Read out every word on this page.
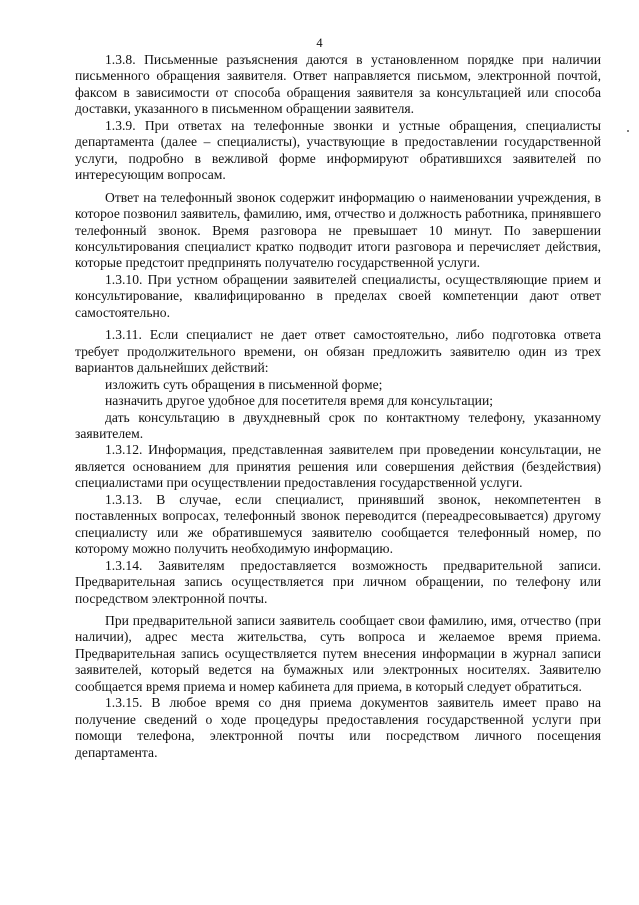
4

1.3.8. Письменные разъяснения даются в установленном порядке при наличии письменного обращения заявителя. Ответ направляется письмом, электронной почтой, факсом в зависимости от способа обращения заявителя за консультацией или способа доставки, указанного в письменном обращении заявителя.

1.3.9. При ответах на телефонные звонки и устные обращения, специалисты департамента (далее – специалисты), участвующие в предоставлении государственной услуги, подробно в вежливой форме информируют обратившихся заявителей по интересующим вопросам.

Ответ на телефонный звонок содержит информацию о наименовании учреждения, в которое позвонил заявитель, фамилию, имя, отчество и должность работника, принявшего телефонный звонок. Время разговора не превышает 10 минут. По завершении консультирования специалист кратко подводит итоги разговора и перечисляет действия, которые предстоит предпринять получателю государственной услуги.

1.3.10. При устном обращении заявителей специалисты, осуществляющие прием и консультирование, квалифицированно в пределах своей компетенции дают ответ самостоятельно.

1.3.11. Если специалист не дает ответ самостоятельно, либо подготовка ответа требует продолжительного времени, он обязан предложить заявителю один из трех вариантов дальнейших действий:

изложить суть обращения в письменной форме;

назначить другое удобное для посетителя время для консультации;

дать консультацию в двухдневный срок по контактному телефону, указанному заявителем.

1.3.12. Информация, представленная заявителем при проведении консультации, не является основанием для принятия решения или совершения действия (бездействия) специалистами при осуществлении предоставления государственной услуги.

1.3.13. В случае, если специалист, принявший звонок, некомпетентен в поставленных вопросах, телефонный звонок переводится (переадресовывается) другому специалисту или же обратившемуся заявителю сообщается телефонный номер, по которому можно получить необходимую информацию.

1.3.14. Заявителям предоставляется возможность предварительной записи. Предварительная запись осуществляется при личном обращении, по телефону или посредством электронной почты.

При предварительной записи заявитель сообщает свои фамилию, имя, отчество (при наличии), адрес места жительства, суть вопроса и желаемое время приема. Предварительная запись осуществляется путем внесения информации в журнал записи заявителей, который ведется на бумажных или электронных носителях. Заявителю сообщается время приема и номер кабинета для приема, в который следует обратиться.

1.3.15. В любое время со дня приема документов заявитель имеет право на получение сведений о ходе процедуры предоставления государственной услуги при помощи телефона, электронной почты или посредством личного посещения департамента.
